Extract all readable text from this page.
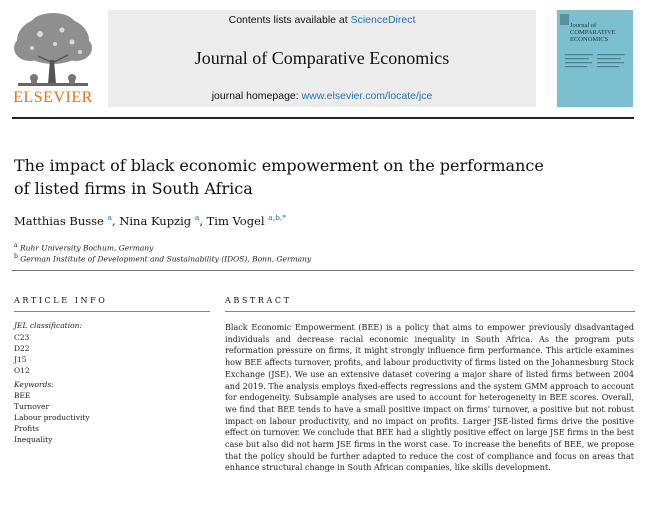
ELSEVIER
Contents lists available at ScienceDirect
Journal of Comparative Economics
journal homepage: www.elsevier.com/locate/jce
Journal of
COMPARATIVE
ECONOMICS
The impact of black economic empowerment on the performance
of listed firms in South Africa
Matthias Busse $^a$, Nina Kupzig $^a$, Tim Vogel $^{a,b,*}$
$^a$ Ruhr University Bochum, Germany
$^b$ German Institute of Development and Sustainability (IDOS), Bonn, Germany
ARTICLE INFO
JEL classification:
C23
D22
J15
O12
Keywords:
BEE
Turnover
Labour productivity
Profits
Inequality
ABSTRACT
Black Economic Empowerment (BEE) is a policy that aims to empower previously disadvantaged individuals and decrease racial economic inequality in South Africa. As the program puts reformation pressure on firms, it might strongly influence firm performance. This article examines how BEE affects turnover, profits, and labour productivity of firms listed on the Johannesburg Stock Exchange (JSE). We use an extensive dataset covering a major share of listed firms between 2004 and 2019. The analysis employs fixed-effects regressions and the system GMM approach to account for endogeneity. Subsample analyses are used to account for heterogeneity in BEE scores. Overall, we find that BEE tends to have a small positive impact on firms' turnover, a positive but not robust impact on labour productivity, and no impact on profits. Larger JSE-listed firms drive the positive effect on turnover. We conclude that BEE had a slightly positive effect on large JSE firms in the best case but also did not harm JSE firms in the worst case. To increase the benefits of BEE, we propose that the policy should be further adapted to reduce the cost of compliance and focus on areas that enhance structural change in South African companies, like skills development.
